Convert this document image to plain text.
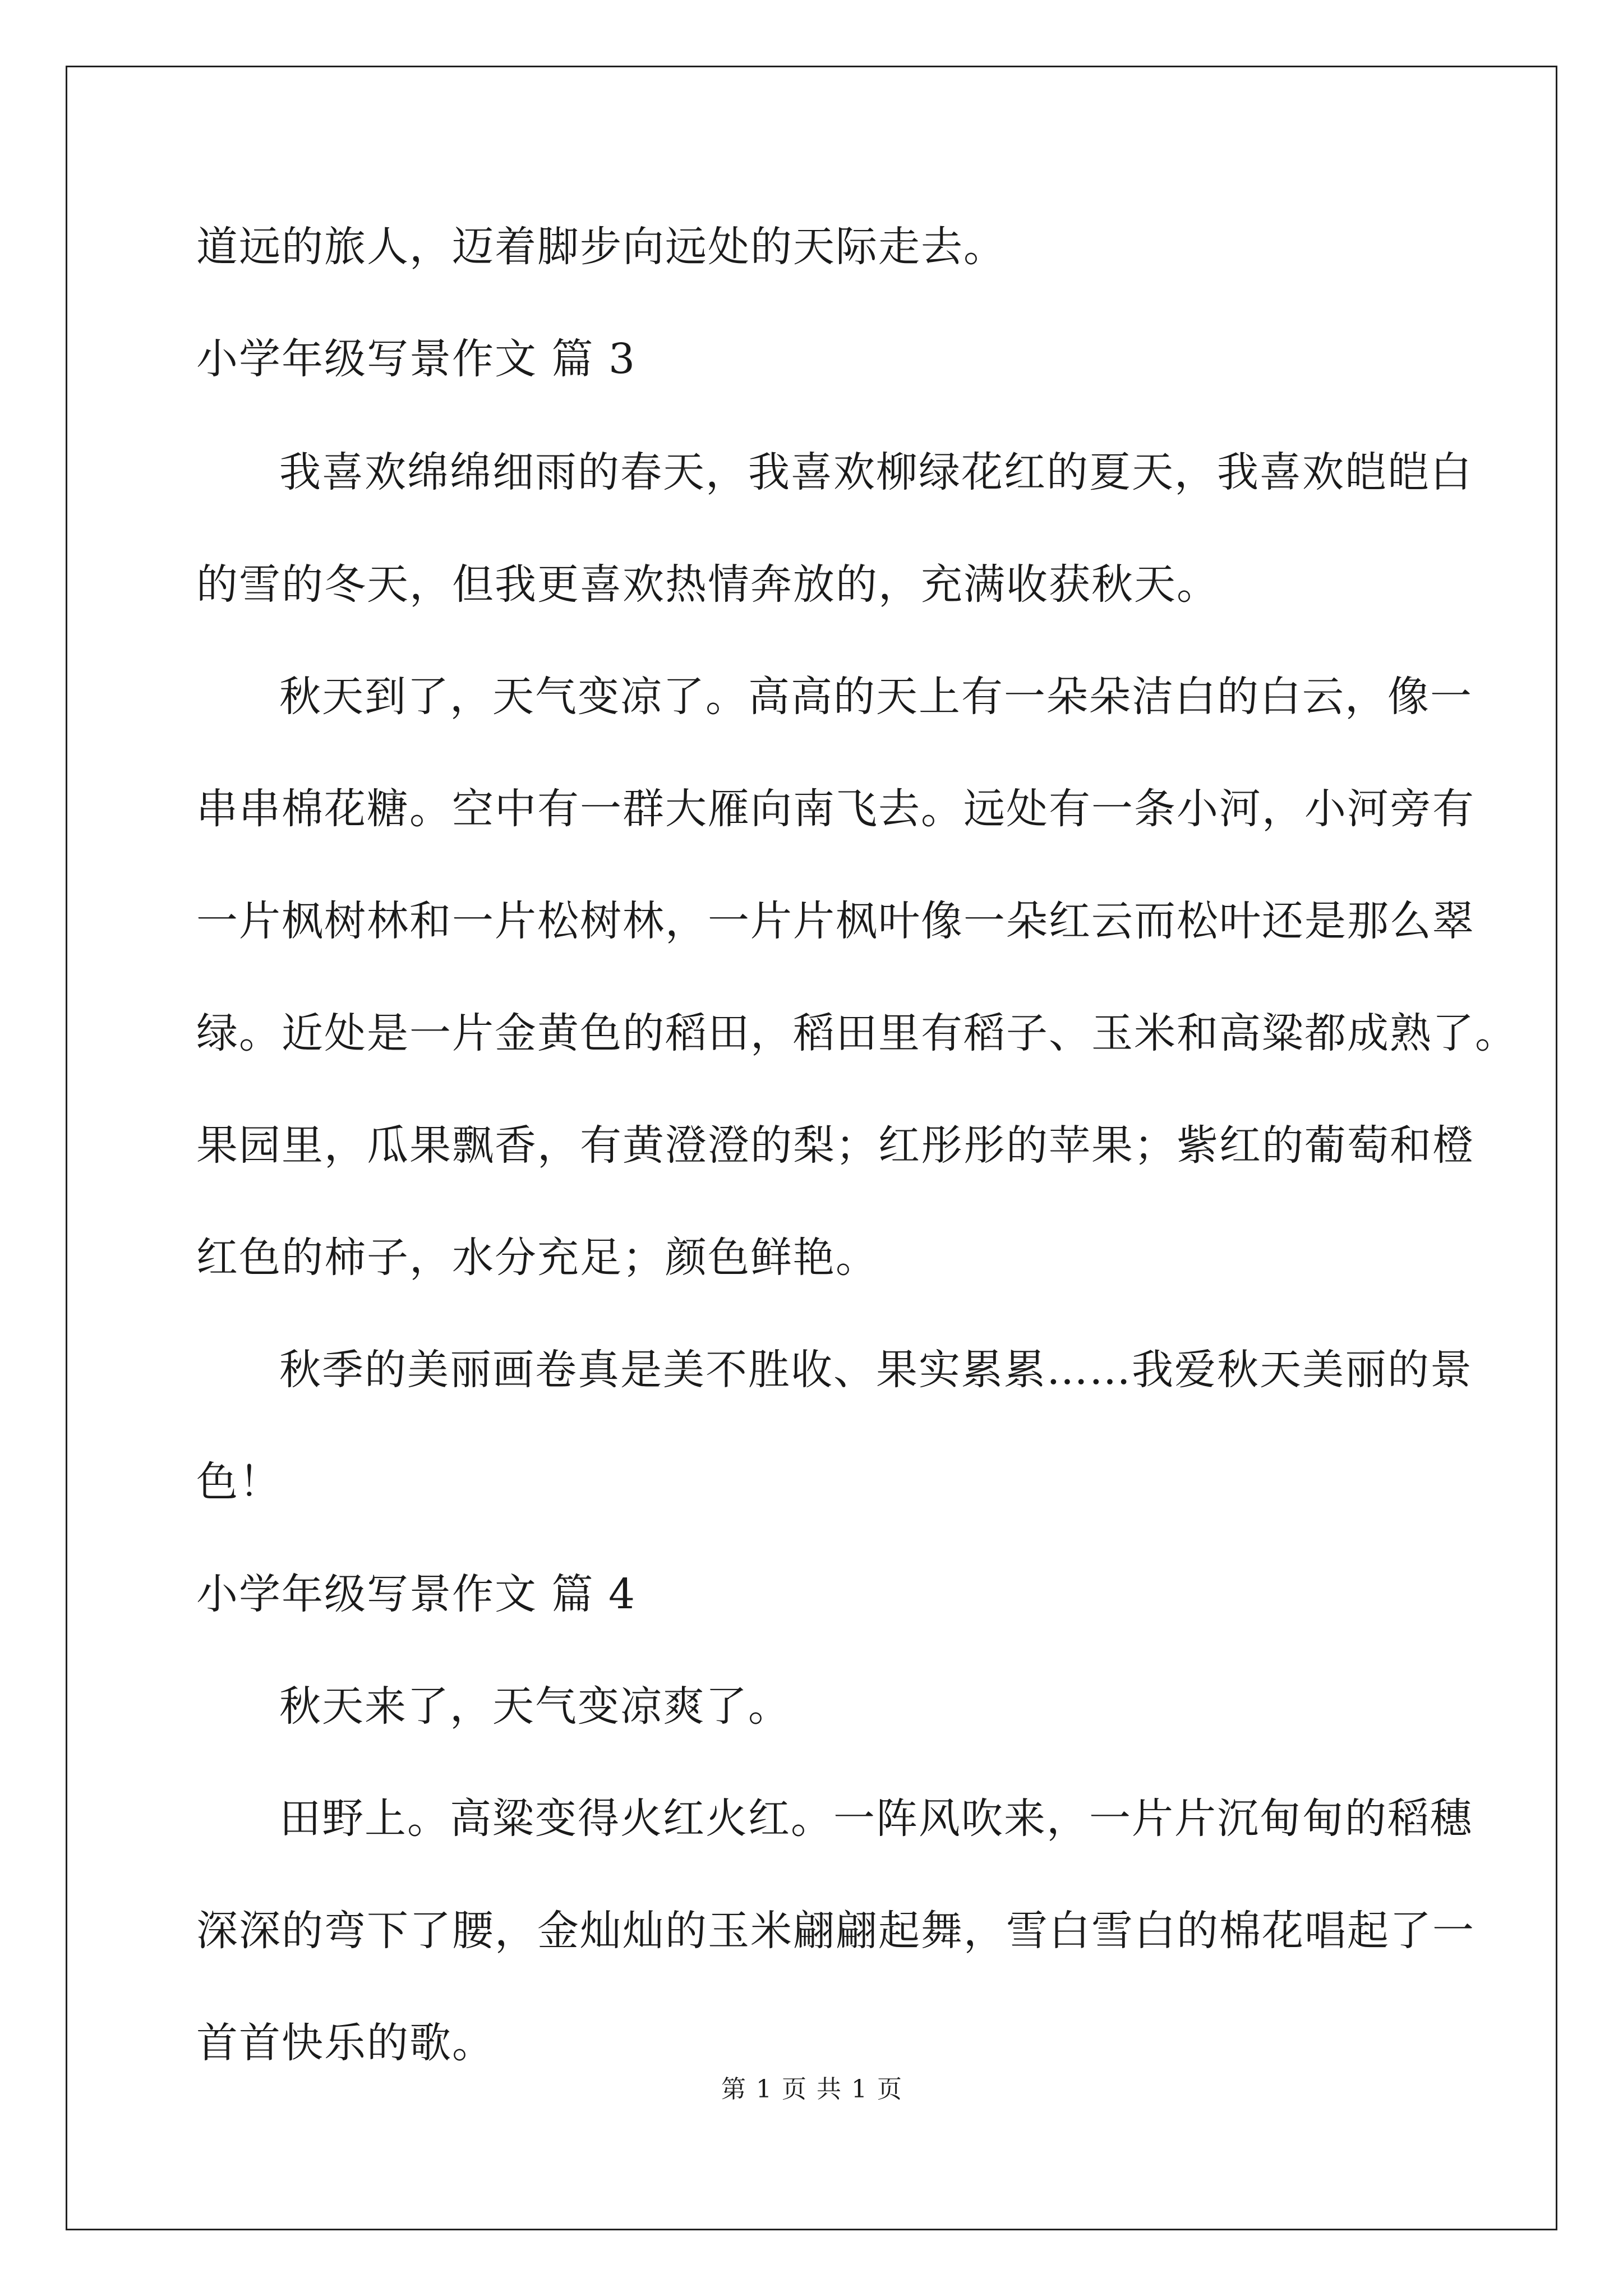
道远的旅人，迈着脚步向远处的天际走去。
小学年级写景作文 篇 3
我喜欢绵绵细雨的春天，我喜欢柳绿花红的夏天，我喜欢皑皑白
的雪的冬天，但我更喜欢热情奔放的，充满收获秋天。
秋天到了，天气变凉了。高高的天上有一朵朵洁白的白云，像一
串串棉花糖。空中有一群大雁向南飞去。远处有一条小河，小河旁有
一片枫树林和一片松树林，一片片枫叶像一朵红云而松叶还是那么翠
绿。近处是一片金黄色的稻田，稻田里有稻子、玉米和高粱都成熟了。
果园里，瓜果飘香，有黄澄澄的梨；红彤彤的苹果；紫红的葡萄和橙
红色的柿子，水分充足；颜色鲜艳。
秋季的美丽画卷真是美不胜收、果实累累……我爱秋天美丽的景
色！
小学年级写景作文 篇 4
秋天来了，天气变凉爽了。
田野上。高粱变得火红火红。一阵风吹来，一片片沉甸甸的稻穗
深深的弯下了腰，金灿灿的玉米翩翩起舞，雪白雪白的棉花唱起了一
首首快乐的歌。
第 1 页 共 1 页
